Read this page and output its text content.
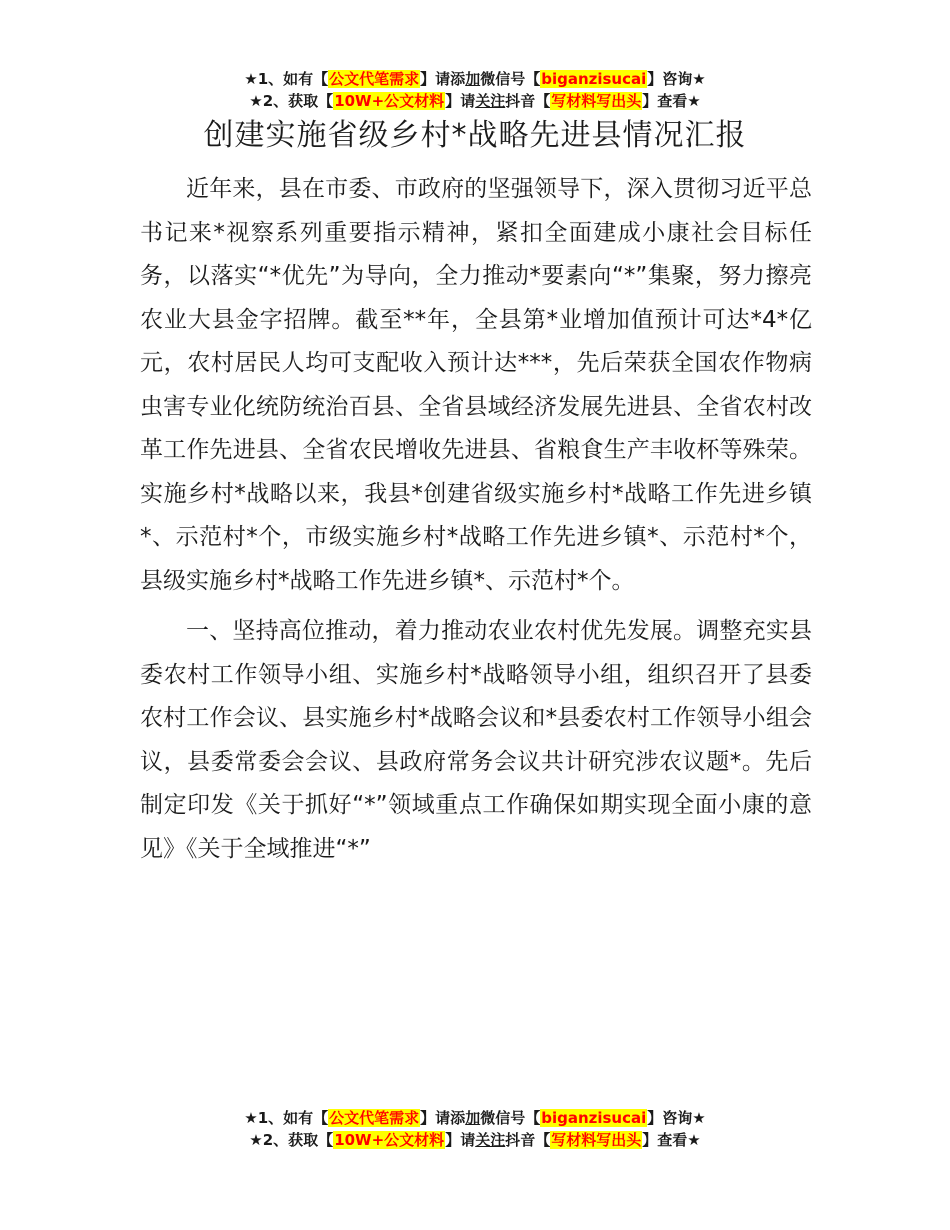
★1、如有【公文代笔需求】请添加微信号【biganzisucai】咨询★
★2、获取【10W+公文材料】请关注抖音【写材料写出头】查看★
创建实施省级乡村*战略先进县情况汇报

近年来，县在市委、市政府的坚强领导下，深入贯彻习近平总书记来*视察系列重要指示精神，紧扣全面建成小康社会目标任务，以落实“*优先”为导向，全力推动*要素向“*”集聚，努力擦亮农业大县金字招牌。截至**年，全县第*业增加值预计可达*4*亿元，农村居民人均可支配收入预计达***，先后荣获全国农作物病虫害专业化统防统治百县、全省县域经济发展先进县、全省农村改革工作先进县、全省农民增收先进县、省粮食生产丰收杯等殊荣。实施乡村*战略以来，我县*创建省级实施乡村*战略工作先进乡镇*、示范村*个，市级实施乡村*战略工作先进乡镇*、示范村*个，县级实施乡村*战略工作先进乡镇*、示范村*个。

一、坚持高位推动，着力推动农业农村优先发展。调整充实县委农村工作领导小组、实施乡村*战略领导小组，组织召开了县委农村工作会议、县实施乡村*战略会议和*县委农村工作领导小组会议，县委常委会会议、县政府常务会议共计研究涉农议题*。先后制定印发《关于抓好“*”领域重点工作确保如期实现全面小康的意见》《关于全域推进“*”

★1、如有【公文代笔需求】请添加微信号【biganzisucai】咨询★
★2、获取【10W+公文材料】请关注抖音【写材料写出头】查看★
